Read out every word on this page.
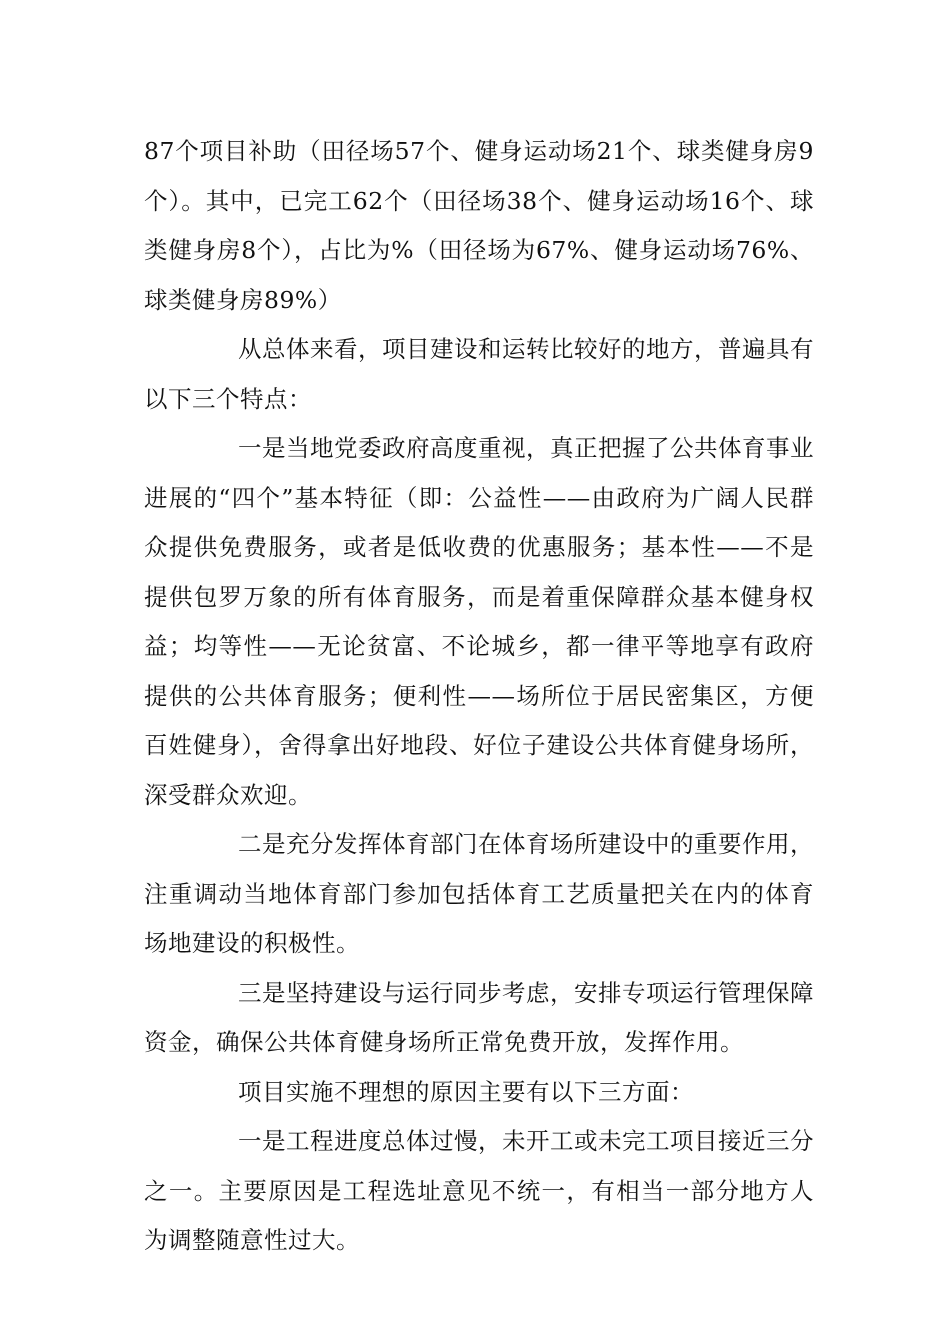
87个项目补助（田径场57个、健身运动场21个、球类健身房9个）。其中，已完工62个（田径场38个、健身运动场16个、球类健身房8个），占比为%（田径场为67%、健身运动场76%、球类健身房89%）

从总体来看，项目建设和运转比较好的地方，普遍具有以下三个特点：

一是当地党委政府高度重视，真正把握了公共体育事业进展的“四个”基本特征（即：公益性——由政府为广阔人民群众提供免费服务，或者是低收费的优惠服务；基本性——不是提供包罗万象的所有体育服务，而是着重保障群众基本健身权益；均等性——无论贫富、不论城乡，都一律平等地享有政府提供的公共体育服务；便利性——场所位于居民密集区，方便百姓健身），舍得拿出好地段、好位子建设公共体育健身场所，深受群众欢迎。

二是充分发挥体育部门在体育场所建设中的重要作用，注重调动当地体育部门参加包括体育工艺质量把关在内的体育场地建设的积极性。

三是坚持建设与运行同步考虑，安排专项运行管理保障资金，确保公共体育健身场所正常免费开放，发挥作用。

项目实施不理想的原因主要有以下三方面：

一是工程进度总体过慢，未开工或未完工项目接近三分之一。主要原因是工程选址意见不统一，有相当一部分地方人为调整随意性过大。
